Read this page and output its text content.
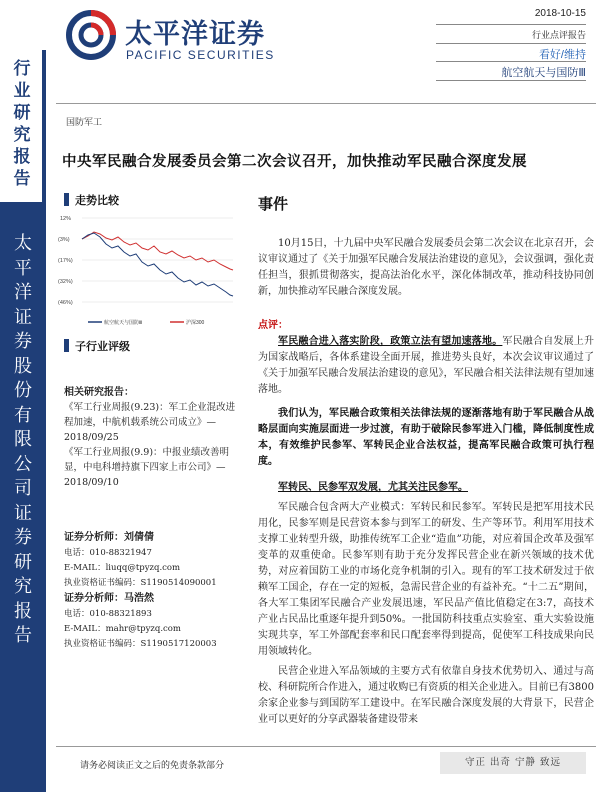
行业研究报告
太平洋证券股份有限公司证券研究报告
太平洋证券
PACIFIC SECURITIES
2018-10-15
行业点评报告
看好/维持
航空航天与国防Ⅲ
国防军工
中央军民融合发展委员会第二次会议召开，加快推动军民融合深度发展
走势比较
12%
(3%)
(17%)
(32%)
(46%)
航空航天与国防Ⅲ	沪深300
子行业评级
相关研究报告：
《军工行业周报(9.23)：军工企业混改进程加速，中航机载系统公司成立》—2018/09/25
《军工行业周报(9.9)：中报业绩改善明显，中电科增持旗下四家上市公司》—2018/09/10
证券分析师：刘倩倩
电话：010-88321947
E-MAIL：liuqq@tpyzq.com
执业资格证书编码：S1190514090001
证券分析师：马浩然
电话：010-88321893
E-MAIL：mahr@tpyzq.com
执业资格证书编码：S1190517120003
事件

10月15日，十九届中央军民融合发展委员会第二次会议在北京召开，会议审议通过了《关于加强军民融合发展法治建设的意见》，会议强调，强化责任担当，狠抓贯彻落实，提高法治化水平，深化体制改革，推动科技协同创新，加快推动军民融合深度发展。

点评：

军民融合进入落实阶段，政策立法有望加速落地。军民融合自发展上升为国家战略后，各体系建设全面开展，推进势头良好，本次会议审议通过了《关于加强军民融合发展法治建设的意见》，军民融合相关法律法规有望加速落地。

我们认为，军民融合政策相关法律法规的逐渐落地有助于军民融合从战略层面向实施层面进一步过渡，有助于破除民参军进入门槛，降低制度性成本，有效维护民参军、军转民企业合法权益，提高军民融合政策可执行程度。

军转民、民参军双发展，尤其关注民参军。

军民融合包含两大产业模式：军转民和民参军。军转民是把军用技术民用化，民参军则是民营资本参与到军工的研发、生产等环节。利用军用技术支撑工业转型升级，助推传统军工企业“造血”功能，对应着国企改革及强军变革的双重使命。民参军则有助于充分发挥民营企业在新兴领域的技术优势，对应着国防工业的市场化竞争机制的引入。现有的军工技术研发过于依赖军工国企，存在一定的短板，急需民营企业的有益补充。“十二五”期间，各大军工集团军民融合产业发展迅速，军民品产值比值稳定在3:7，高技术产业占民品比重逐年提升到50%。一批国防科技重点实验室、重大实验设施实现共享，军工外部配套率和民口配套率得到提高，促使军工科技成果向民用领域转化。

民营企业进入军品领域的主要方式有依靠自身技术优势切入、通过与高校、科研院所合作进入，通过收购已有资质的相关企业进入。目前已有3800余家企业参与到国防军工建设中。在军民融合深度发展的大背景下，民营企业可以更好的分享武器装备建设带来

请务必阅读正文之后的免责条款部分	守正 出奇 宁静 致远
